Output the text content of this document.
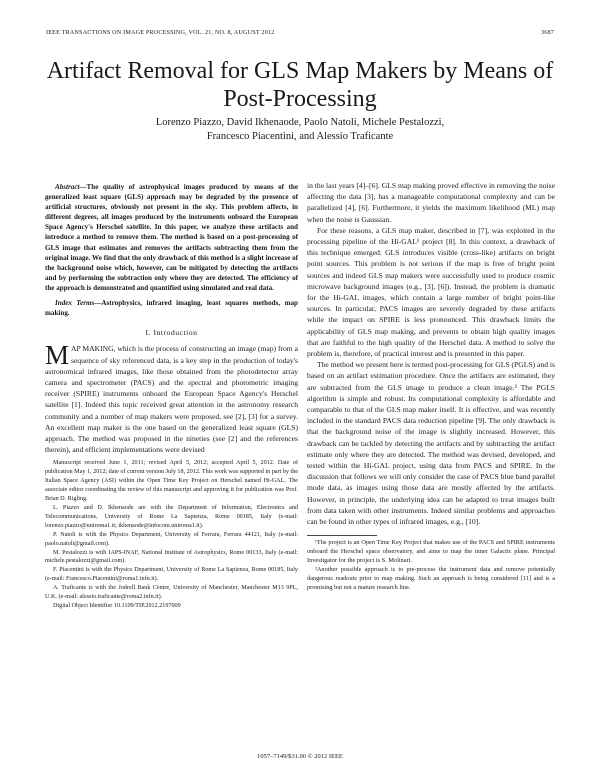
IEEE TRANSACTIONS ON IMAGE PROCESSING, VOL. 21, NO. 8, AUGUST 2012	3687
Artifact Removal for GLS Map Makers by Means of Post-Processing
Lorenzo Piazzo, David Ikhenaode, Paolo Natoli, Michele Pestalozzi,
Francesco Piacentini, and Alessio Traficante

Abstract—The quality of astrophysical images produced by means of the generalized least square (GLS) approach may be degraded by the presence of artificial structures, obviously not present in the sky. This problem affects, in different degrees, all images produced by the instruments onboard the European Space Agency's Herschel satellite. In this paper, we analyze these artifacts and introduce a method to remove them. The method is based on a post-processing of GLS image that estimates and removes the artifacts subtracting them from the original image. We find that the only drawback of this method is a slight increase of the background noise which, however, can be mitigated by detecting the artifacts and by performing the subtraction only where they are detected. The efficiency of the approach is demonstrated and quantified using simulated and real data.

Index Terms—Astrophysics, infrared imaging, least squares methods, map making.

I. Introduction

MAP MAKING, which is the process of constructing an image (map) from a sequence of sky referenced data, is a key step in the production of today's astronomical infrared images, like those obtained from the photodetector array camera and spectrometer (PACS) and the spectral and photometric imaging receiver (SPIRE) instruments onboard the European Space Agency's Herschel satellite [1]. Indeed this topic received great attention in the astronomy research community and a number of map makers were proposed, see [2], [3] for a survey. An excellent map maker is the one based on the generalized least square (GLS) approach. The method was proposed in the nineties (see [2] and the references therein), and efficient implementations were devised

Manuscript received June 1, 2011; revised April 5, 2012; accepted April 5, 2012. Date of publication May 1, 2012; date of current version July 18, 2012. This work was supported in part by the Italian Space Agency (ASI) within the Open Time Key Project on Herschel named Hi-GAL. The associate editor coordinating the review of this manuscript and approving it for publication was Prof. Brian D. Rigling.

L. Piazzo and D. Ikhenaode are with the Department of Information, Electronics and Telecommunications, University of Rome La Sapienza, Rome 00185, Italy (e-mail: lorenzo.piazzo@uniroma1.it; ikhenaode@infocom.uniroma1.it).

P. Natoli is with the Physics Department, University of Ferrara, Ferrara 44121, Italy (e-mail: paolo.natoli@gmail.com).

M. Pestalozzi is with IAPS-INAF, National Institute of Astrophysics, Rome 00133, Italy (e-mail: michele.pestalozzi@gmail.com).

F. Piacentini is with the Physics Department, University of Rome La Sapienza, Rome 00185, Italy (e-mail: Francesco.Piacentini@roma1.infn.it).

A. Traficante is with the Jodrell Bank Centre, University of Manchester, Manchester M13 9PL, U.K. (e-mail: alessio.traficante@roma2.infn.it).

Digital Object Identifier 10.1109/TIP.2012.2197009

in the last years [4]–[6]. GLS map making proved effective in removing the noise affecting the data [3], has a manageable computational complexity and can be parallelized [4], [6]. Furthermore, it yields the maximum likelihood (ML) map when the noise is Gaussian.

For these reasons, a GLS map maker, described in [7], was exploited in the processing pipeline of the Hi-GAL¹ project [8]. In this context, a drawback of this technique emerged: GLS introduces visible (cross-like) artifacts on bright point sources. This problem is not serious if the map is free of bright point sources and indeed GLS map makers were successfully used to produce cosmic microwave background images (e.g., [3], [6]). Instead, the problem is dramatic for the Hi-GAL images, which contain a large number of bright point-like sources. In particular, PACS images are severely degraded by these artifacts while the impact on SPIRE is less pronounced. This drawback limits the applicability of GLS map making, and prevents to obtain high quality images that are faithful to the high quality of the Herschel data. A method to solve the problem is, therefore, of practical interest and is presented in this paper.

The method we present here is termed post-processing for GLS (PGLS) and is based on an artifact estimation procedure. Once the artifacts are estimated, they are subtracted from the GLS image to produce a clean image.² The PGLS algorithm is simple and robust. Its computational complexity is affordable and comparable to that of the GLS map maker itself. It is effective, and was recently included in the standard PACS data reduction pipeline [9]. The only drawback is that the background noise of the image is slightly increased. However, this drawback can be tackled by detecting the artifacts and by subtracting the artifact estimate only where they are detected. The method was devised, developed, and tested within the Hi-GAL project, using data from PACS and SPIRE. In the discussion that follows we will only consider the case of PACS blue band parallel mode data, as images using those data are mostly affected by the artifacts. However, in principle, the underlying idea can be adapted to treat images built from data taken with other instruments. Indeed similar problems and approaches can be found in other types of infrared images, e.g., [10].

¹The project is an Open Time Key Project that makes use of the PACS and SPIRE instruments onboard the Herschel space observatory, and aims to map the inner Galactic plane. Principal Investigator for the project is S. Molinari.

²Another possible approach is to pre-process the instrument data and remove potentially dangerous readouts prior to map making. Such an approach is being considered [11] and is a promising but not a mature research line.

1057–7149/$31.00 © 2012 IEEE
